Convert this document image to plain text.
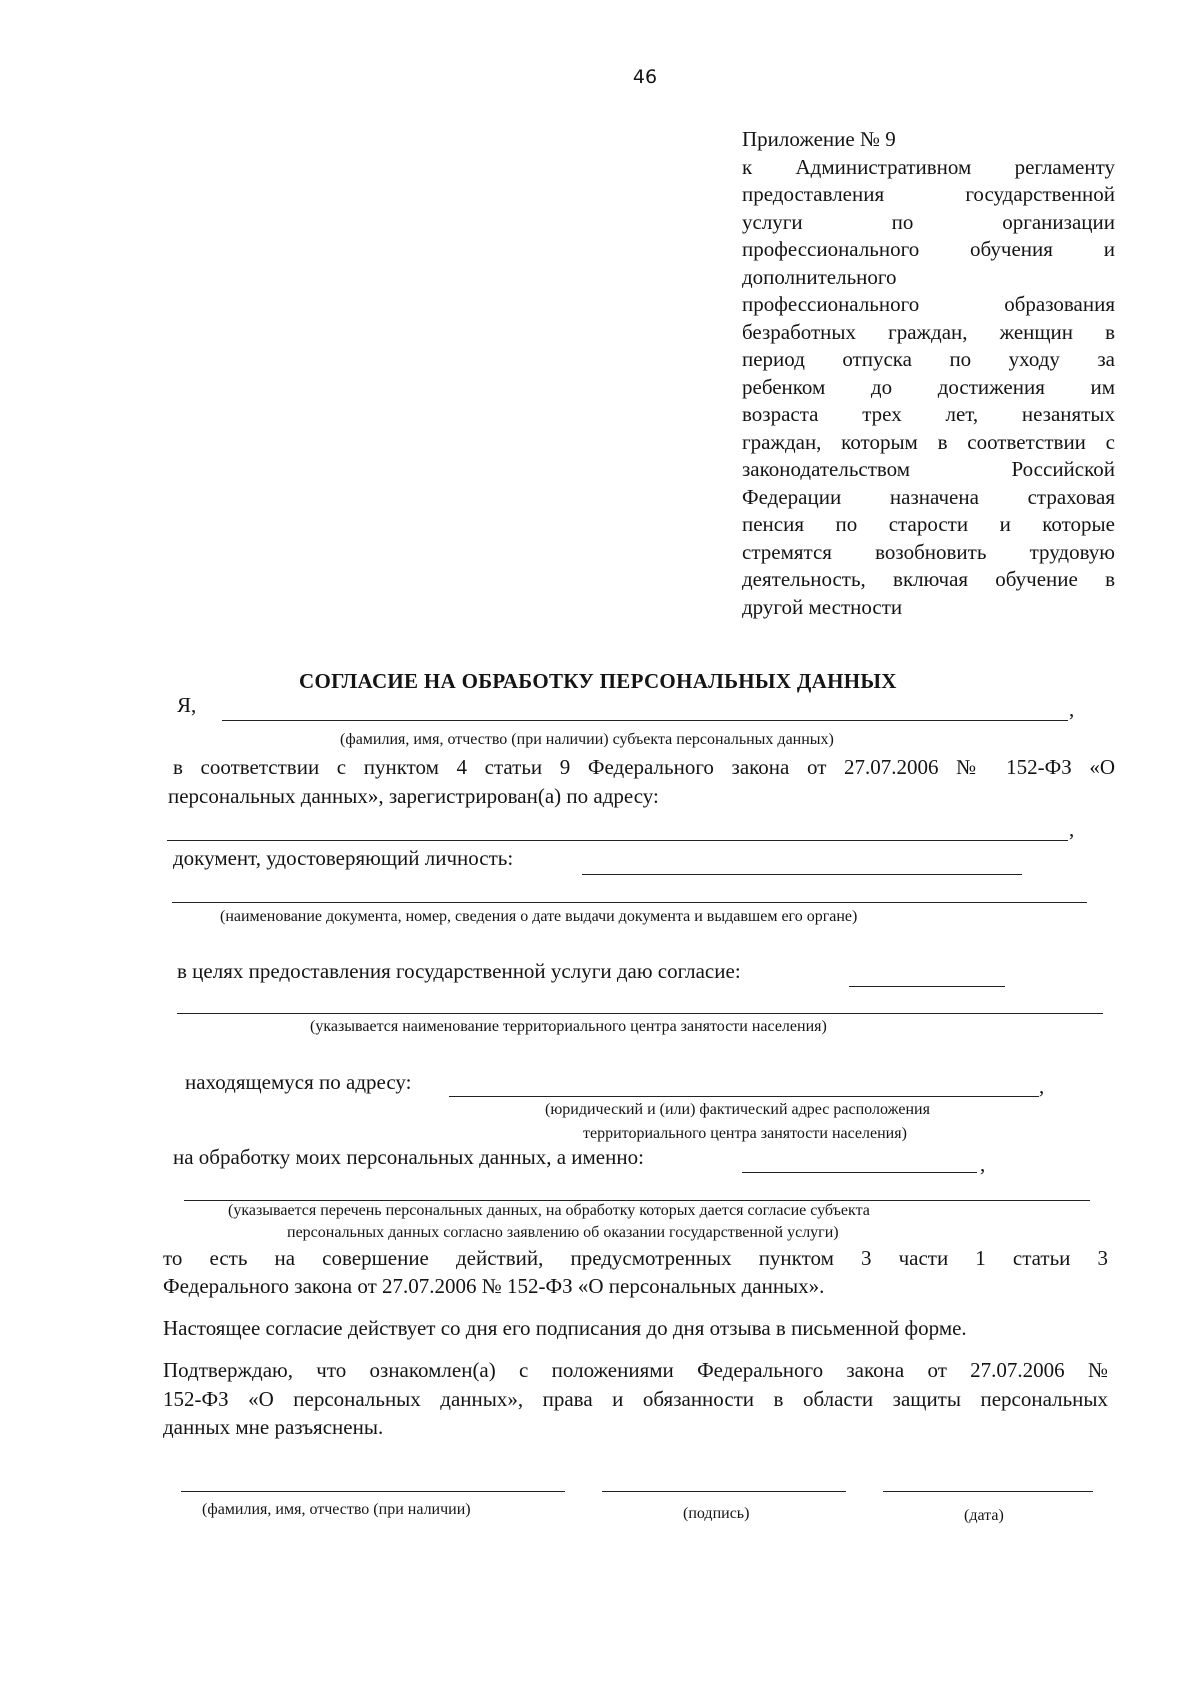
46
Приложение № 9
к Административном регламенту
предоставления государственной
услуги по организации
профессионального обучения и
дополнительного
профессионального образования
безработных граждан, женщин в
период отпуска по уходу за
ребенком до достижения им
возраста трех лет, незанятых
граждан, которым в соответствии с
законодательством Российской
Федерации назначена страховая
пенсия по старости и которые
стремятся возобновить трудовую
деятельность, включая обучение в
другой местности
СОГЛАСИЕ НА ОБРАБОТКУ ПЕРСОНАЛЬНЫХ ДАННЫХ
Я,	,
(фамилия, имя, отчество (при наличии) субъекта персональных данных)
в соответствии с пунктом 4 статьи 9 Федерального закона от 27.07.2006 № 152-ФЗ «О
персональных данных», зарегистрирован(а) по адресу:
,
документ, удостоверяющий личность:
(наименование документа, номер, сведения о дате выдачи документа и выдавшем его органе)
в целях предоставления государственной услуги даю согласие:
(указывается наименование территориального центра занятости населения)
находящемуся по адресу:	,
(юридический и (или) фактический адрес расположения
территориального центра занятости населения)
на обработку моих персональных данных, а именно:	,
(указывается перечень персональных данных, на обработку которых дается согласие субъекта
персональных данных согласно заявлению об оказании государственной услуги)
то есть на совершение действий, предусмотренных пунктом 3 части 1 статьи 3
Федерального закона от 27.07.2006 № 152-ФЗ «О персональных данных».
Настоящее согласие действует со дня его подписания до дня отзыва в письменной форме.
Подтверждаю, что ознакомлен(а) с положениями Федерального закона от 27.07.2006 №
152-ФЗ «О персональных данных», права и обязанности в области защиты персональных
данных мне разъяснены.
(фамилия, имя, отчество (при наличии)	(подпись)	(дата)
